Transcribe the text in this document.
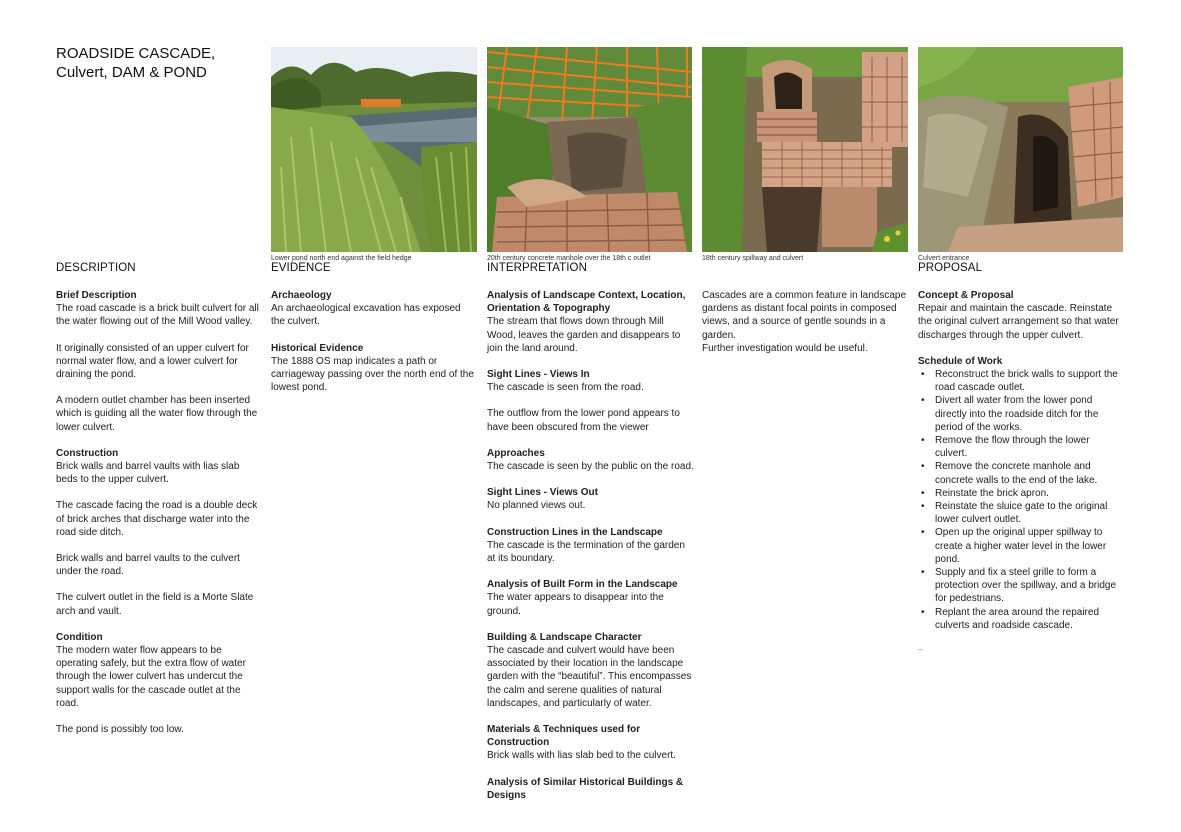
ROADSIDE CASCADE,
Culvert, DAM & POND
Lower pond north end against the field hedge	20th century concrete manhole over the 18th c outlet	18th century spillway and culvert	Culvert entrance
DESCRIPTION
Brief Description
The road cascade is a brick built culvert for all the water flowing out of the Mill Wood valley.
It originally consisted of an upper culvert for normal water flow, and a lower culvert for draining the pond.
A modern outlet chamber has been inserted which is guiding all the water flow through the lower culvert.
Construction
Brick walls and barrel vaults with lias slab beds to the upper culvert.
The cascade facing the road is a double deck of brick arches that discharge water into the road side ditch.
Brick walls and barrel vaults to the culvert under the road.
The culvert outlet in the field is a Morte Slate arch and vault.
Condition
The modern water flow appears to be operating safely, but the extra flow of water through the lower culvert has undercut the support walls for the cascade outlet at the road.
The pond is possibly too low.
EVIDENCE
Archaeology
An archaeological excavation has exposed the culvert.
Historical Evidence
The 1888 OS map indicates a path or carriageway passing over the north end of the lowest pond.
INTERPRETATION
Analysis of Landscape Context, Location, Orientation & Topography
The stream that flows down through Mill Wood, leaves the garden and disappears to join the land around.
Sight Lines - Views In
The cascade is seen from the road.
The outflow from the lower pond appears to have been obscured from the viewer
Approaches
The cascade is seen by the public on the road.
Sight Lines - Views Out
No planned views out.
Construction Lines in the Landscape
The cascade is the termination of the garden at its boundary.
Analysis of Built Form in the Landscape
The water appears to disappear into the ground.
Building & Landscape Character
The cascade and culvert would have been associated by their location in the landscape garden with the “beautiful”. This encompasses the calm and serene qualities of natural landscapes, and particularly of water.
Materials & Techniques used for Construction
Brick walls with lias slab bed to the culvert.
Analysis of Similar Historical Buildings & Designs
Cascades are a common feature in landscape gardens as distant focal points in composed views, and a source of gentle sounds in a garden.
Further investigation would be useful.
PROPOSAL
Concept & Proposal
Repair and maintain the cascade. Reinstate the original culvert arrangement so that water discharges through the upper culvert.
Schedule of Work
• Reconstruct the brick walls to support the road cascade outlet.
• Divert all water from the lower pond directly into the roadside ditch for the period of the works.
• Remove the flow through the lower culvert.
• Remove the concrete manhole and concrete walls to the end of the lake.
• Reinstate the brick apron.
• Reinstate the sluice gate to the original lower culvert outlet.
• Open up the original upper spillway to create a higher water level in the lower pond.
• Supply and fix a steel grille to form a protection over the spillway, and a bridge for pedestrians.
• Replant the area around the repaired culverts and roadside cascade.
–
